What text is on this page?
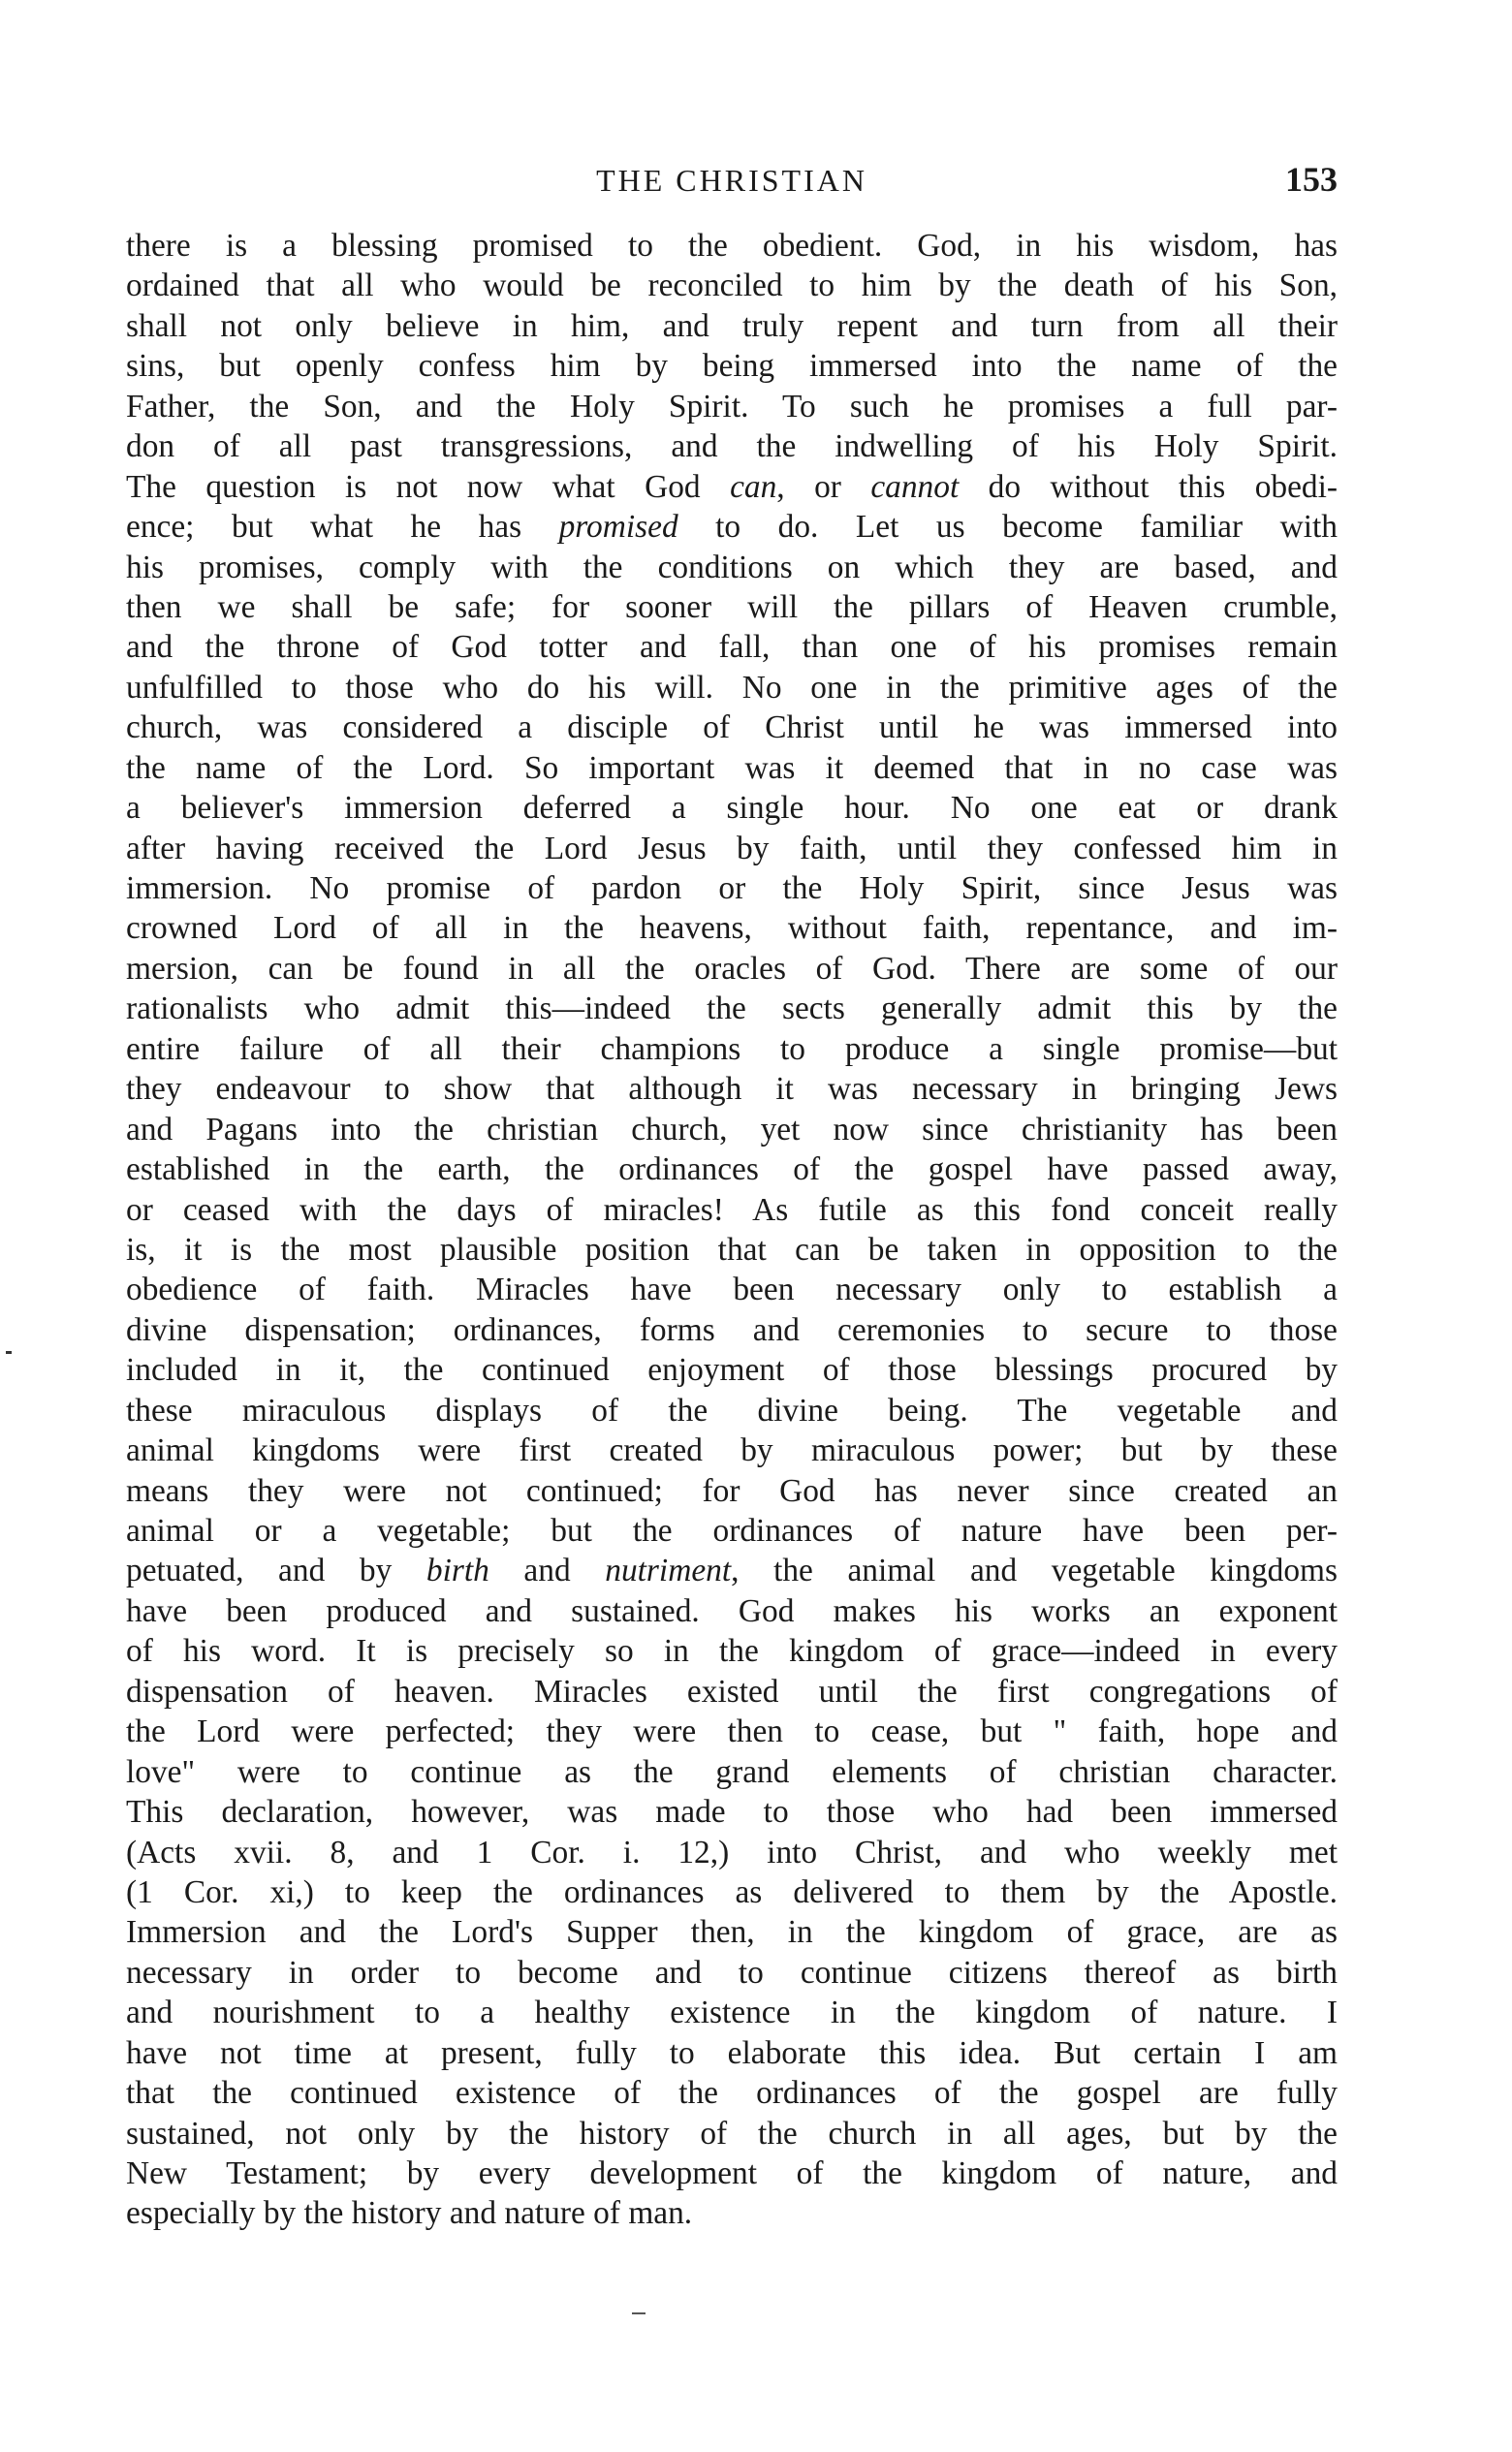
THE CHRISTIAN	153
there is a blessing promised to the obedient. God, in his wisdom, has
ordained that all who would be reconciled to him by the death of his Son,
shall not only believe in him, and truly repent and turn from all their
sins, but openly confess him by being immersed into the name of the
Father, the Son, and the Holy Spirit. To such he promises a full par-
don of all past transgressions, and the indwelling of his Holy Spirit.
The question is not now what God can, or cannot do without this obedi-
ence; but what he has promised to do. Let us become familiar with
his promises, comply with the conditions on which they are based, and
then we shall be safe; for sooner will the pillars of Heaven crumble,
and the throne of God totter and fall, than one of his promises remain
unfulfilled to those who do his will. No one in the primitive ages of the
church, was considered a disciple of Christ until he was immersed into
the name of the Lord. So important was it deemed that in no case was
a believer's immersion deferred a single hour. No one eat or drank
after having received the Lord Jesus by faith, until they confessed him in
immersion. No promise of pardon or the Holy Spirit, since Jesus was
crowned Lord of all in the heavens, without faith, repentance, and im-
mersion, can be found in all the oracles of God. There are some of our
rationalists who admit this—indeed the sects generally admit this by the
entire failure of all their champions to produce a single promise—but
they endeavour to show that although it was necessary in bringing Jews
and Pagans into the christian church, yet now since christianity has been
established in the earth, the ordinances of the gospel have passed away,
or ceased with the days of miracles! As futile as this fond conceit really
is, it is the most plausible position that can be taken in opposition to the
obedience of faith. Miracles have been necessary only to establish a
divine dispensation; ordinances, forms and ceremonies to secure to those
included in it, the continued enjoyment of those blessings procured by
these miraculous displays of the divine being. The vegetable and
animal kingdoms were first created by miraculous power; but by these
means they were not continued; for God has never since created an
animal or a vegetable; but the ordinances of nature have been per-
petuated, and by birth and nutriment, the animal and vegetable kingdoms
have been produced and sustained. God makes his works an exponent
of his word. It is precisely so in the kingdom of grace—indeed in every
dispensation of heaven. Miracles existed until the first congregations of
the Lord were perfected; they were then to cease, but " faith, hope and
love" were to continue as the grand elements of christian character.
This declaration, however, was made to those who had been immersed
(Acts xvii. 8, and 1 Cor. i. 12,) into Christ, and who weekly met
(1 Cor. xi,) to keep the ordinances as delivered to them by the Apostle.
Immersion and the Lord's Supper then, in the kingdom of grace, are as
necessary in order to become and to continue citizens thereof as birth
and nourishment to a healthy existence in the kingdom of nature. I
have not time at present, fully to elaborate this idea. But certain I am
that the continued existence of the ordinances of the gospel are fully
sustained, not only by the history of the church in all ages, but by the
New Testament; by every development of the kingdom of nature, and
especially by the history and nature of man.
